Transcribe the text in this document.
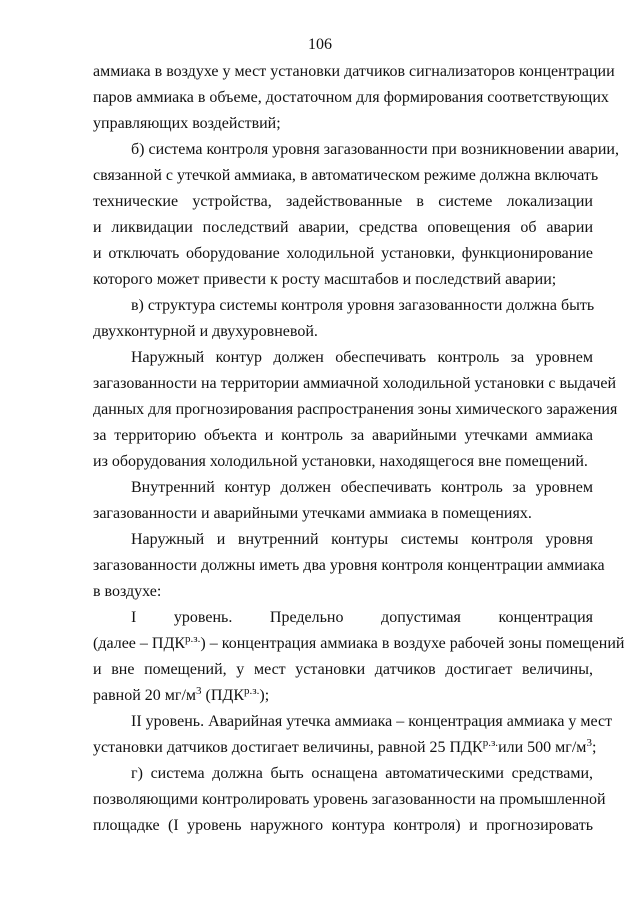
106
аммиака в воздухе у мест установки датчиков сигнализаторов концентрации
паров аммиака в объеме, достаточном для формирования соответствующих
управляющих воздействий;
б) система контроля уровня загазованности при возникновении аварии,
связанной с утечкой аммиака, в автоматическом режиме должна включать
технические устройства, задействованные в системе локализации
и ликвидации последствий аварии, средства оповещения об аварии
и отключать оборудование холодильной установки, функционирование
которого может привести к росту масштабов и последствий аварии;
в) структура системы контроля уровня загазованности должна быть
двухконтурной и двухуровневой.
Наружный контур должен обеспечивать контроль за уровнем
загазованности на территории аммиачной холодильной установки с выдачей
данных для прогнозирования распространения зоны химического заражения
за территорию объекта и контроль за аварийными утечками аммиака
из оборудования холодильной установки, находящегося вне помещений.
Внутренний контур должен обеспечивать контроль за уровнем
загазованности и аварийными утечками аммиака в помещениях.
Наружный и внутренний контуры системы контроля уровня
загазованности должны иметь два уровня контроля концентрации аммиака
в воздухе:
I уровень. Предельно допустимая концентрация
(далее – $ПДК^{р.з.}$) – концентрация аммиака в воздухе рабочей зоны помещений
и вне помещений, у мест установки датчиков достигает величины,
равной 20 $мг/м^3$ $(ПДК^{р.з.})$;
II уровень. Аварийная утечка аммиака – концентрация аммиака у мест
установки датчиков достигает величины, равной 25 $ПДК^{р.з.}или$ 500 $мг/м^3$;
г) система должна быть оснащена автоматическими средствами,
позволяющими контролировать уровень загазованности на промышленной
площадке (I уровень наружного контура контроля) и прогнозировать
